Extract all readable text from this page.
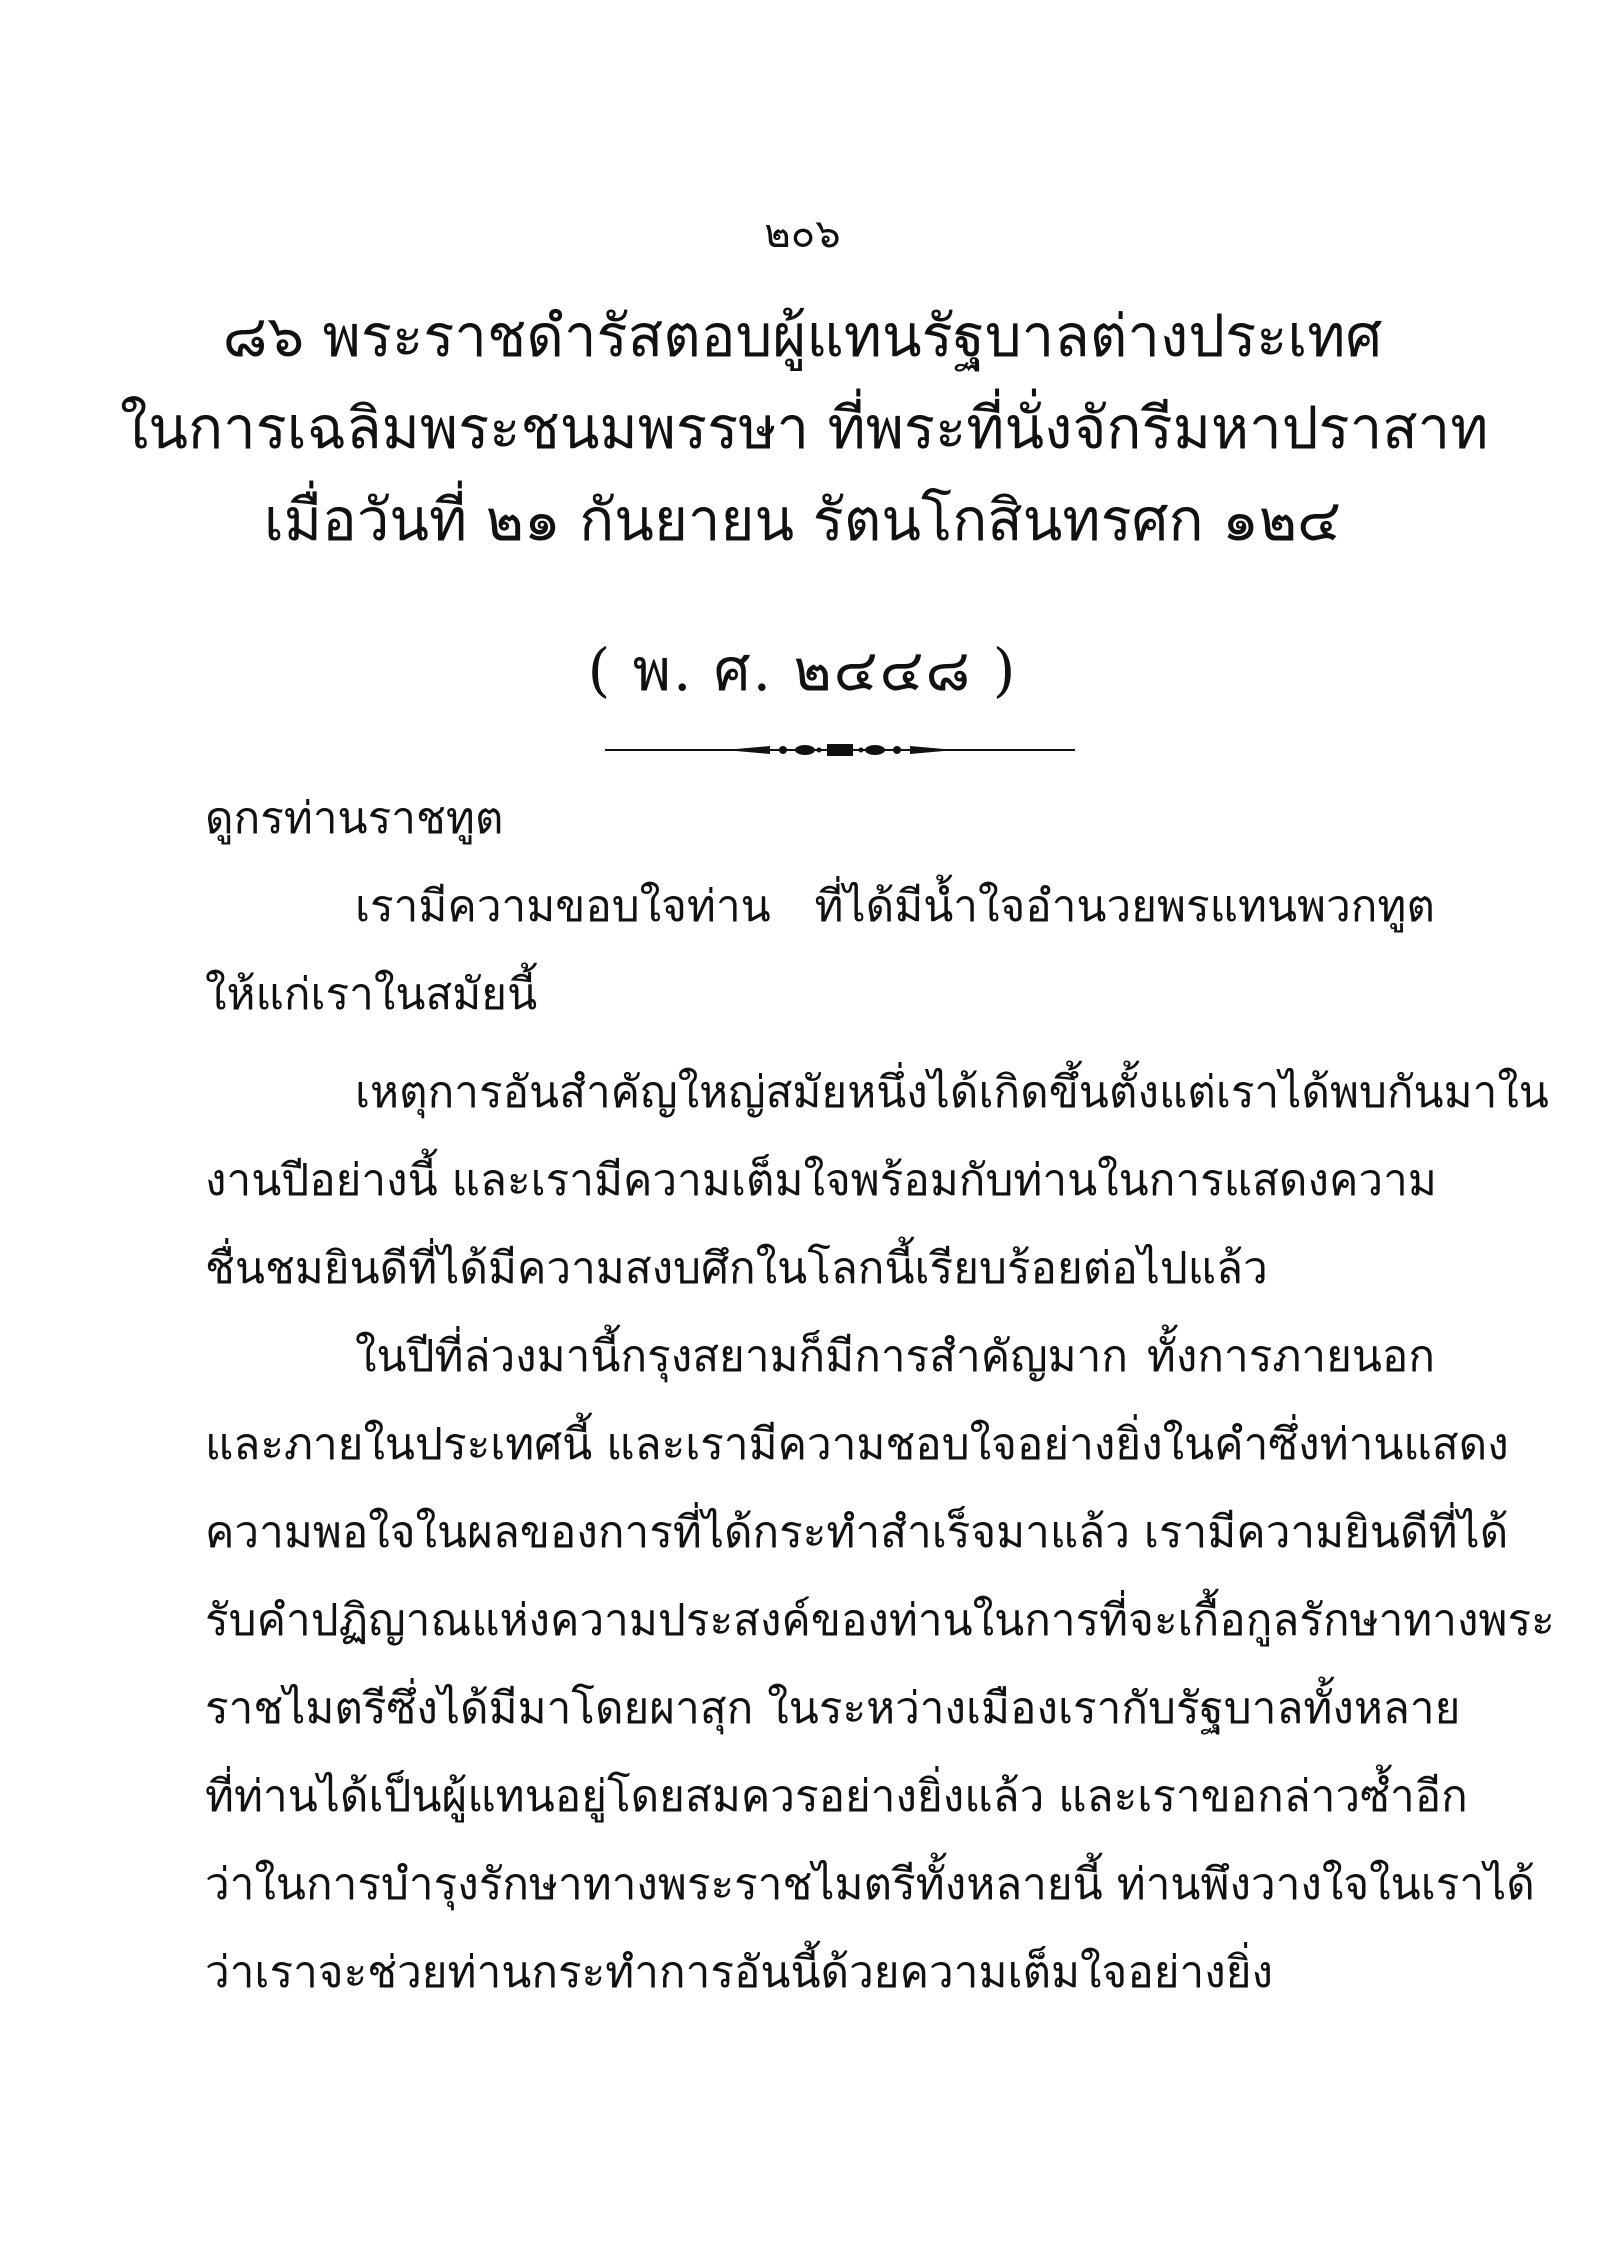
๒๐๖
๘๖ พระราชดำรัสตอบผู้แทนรัฐบาลต่างประเทศ
ในการเฉลิมพระชนมพรรษา ที่พระที่นั่งจักรีมหาปราสาท
เมื่อวันที่ ๒๑ กันยายน รัตนโกสินทรศก ๑๒๔
( พ. ศ. ๒๔๔๘ )
ดูกรท่านราชทูต
เรามีความขอบใจท่าน ที่ได้มีน้ำใจอำนวยพรแทนพวกทูต
ให้แก่เราในสมัยนี้
เหตุการอันสำคัญใหญ่สมัยหนึ่งได้เกิดขึ้นตั้งแต่เราได้พบกันมาใน
งานปีอย่างนี้ และเรามีความเต็มใจพร้อมกับท่านในการแสดงความ
ชื่นชมยินดีที่ได้มีความสงบศึกในโลกนี้เรียบร้อยต่อไปแล้ว
ในปีที่ล่วงมานี้กรุงสยามก็มีการสำคัญมาก ทั้งการภายนอก
และภายในประเทศนี้ และเรามีความชอบใจอย่างยิ่งในคำซึ่งท่านแสดง
ความพอใจในผลของการที่ได้กระทำสำเร็จมาแล้ว เรามีความยินดีที่ได้
รับคำปฏิญาณแห่งความประสงค์ของท่านในการที่จะเกื้อกูลรักษาทางพระ
ราชไมตรีซึ่งได้มีมาโดยผาสุก ในระหว่างเมืองเรากับรัฐบาลทั้งหลาย
ที่ท่านได้เป็นผู้แทนอยู่โดยสมควรอย่างยิ่งแล้ว และเราขอกล่าวซ้ำอีก
ว่าในการบำรุงรักษาทางพระราชไมตรีทั้งหลายนี้ ท่านพึงวางใจในเราได้
ว่าเราจะช่วยท่านกระทำการอันนี้ด้วยความเต็มใจอย่างยิ่ง
